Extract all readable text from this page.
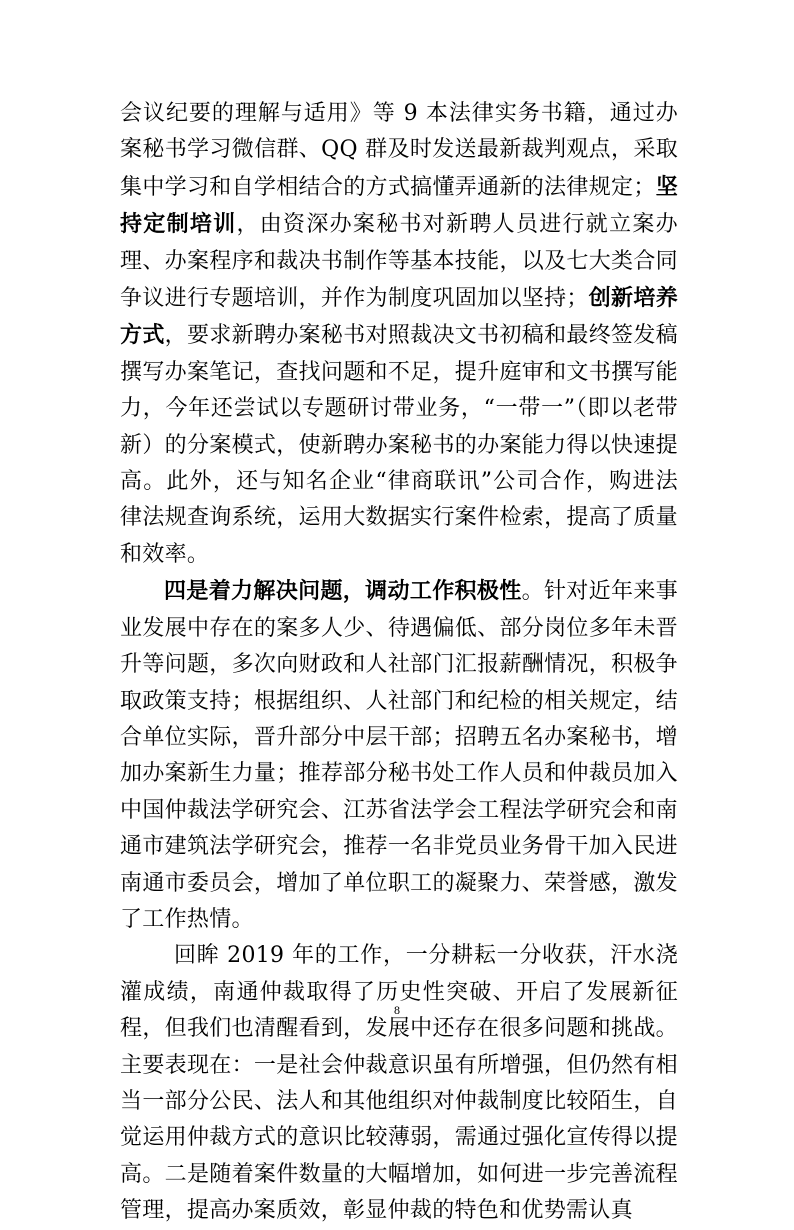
会议纪要的理解与适用》等 9 本法律实务书籍，通过办案秘书学习微信群、QQ 群及时发送最新裁判观点，采取集中学习和自学相结合的方式搞懂弄通新的法律规定；坚持定制培训，由资深办案秘书对新聘人员进行就立案办理、办案程序和裁决书制作等基本技能，以及七大类合同争议进行专题培训，并作为制度巩固加以坚持；创新培养方式，要求新聘办案秘书对照裁决文书初稿和最终签发稿撰写办案笔记，查找问题和不足，提升庭审和文书撰写能力，今年还尝试以专题研讨带业务，“一带一”（即以老带新）的分案模式，使新聘办案秘书的办案能力得以快速提高。此外，还与知名企业“律商联讯”公司合作，购进法律法规查询系统，运用大数据实行案件检索，提高了质量和效率。

四是着力解决问题，调动工作积极性。针对近年来事业发展中存在的案多人少、待遇偏低、部分岗位多年未晋升等问题，多次向财政和人社部门汇报薪酬情况，积极争取政策支持；根据组织、人社部门和纪检的相关规定，结合单位实际，晋升部分中层干部；招聘五名办案秘书，增加办案新生力量；推荐部分秘书处工作人员和仲裁员加入中国仲裁法学研究会、江苏省法学会工程法学研究会和南通市建筑法学研究会，推荐一名非党员业务骨干加入民进南通市委员会，增加了单位职工的凝聚力、荣誉感，激发了工作热情。

回眸 2019 年的工作，一分耕耘一分收获，汗水浇灌成绩，南通仲裁取得了历史性突破、开启了发展新征程，但我们也清醒看到，发展中还存在很多问题和挑战。主要表现在：一是社会仲裁意识虽有所增强，但仍然有相当一部分公民、法人和其他组织对仲裁制度比较陌生，自觉运用仲裁方式的意识比较薄弱，需通过强化宣传得以提高。二是随着案件数量的大幅增加，如何进一步完善流程管理，提高办案质效，彰显仲裁的特色和优势需认真

8
